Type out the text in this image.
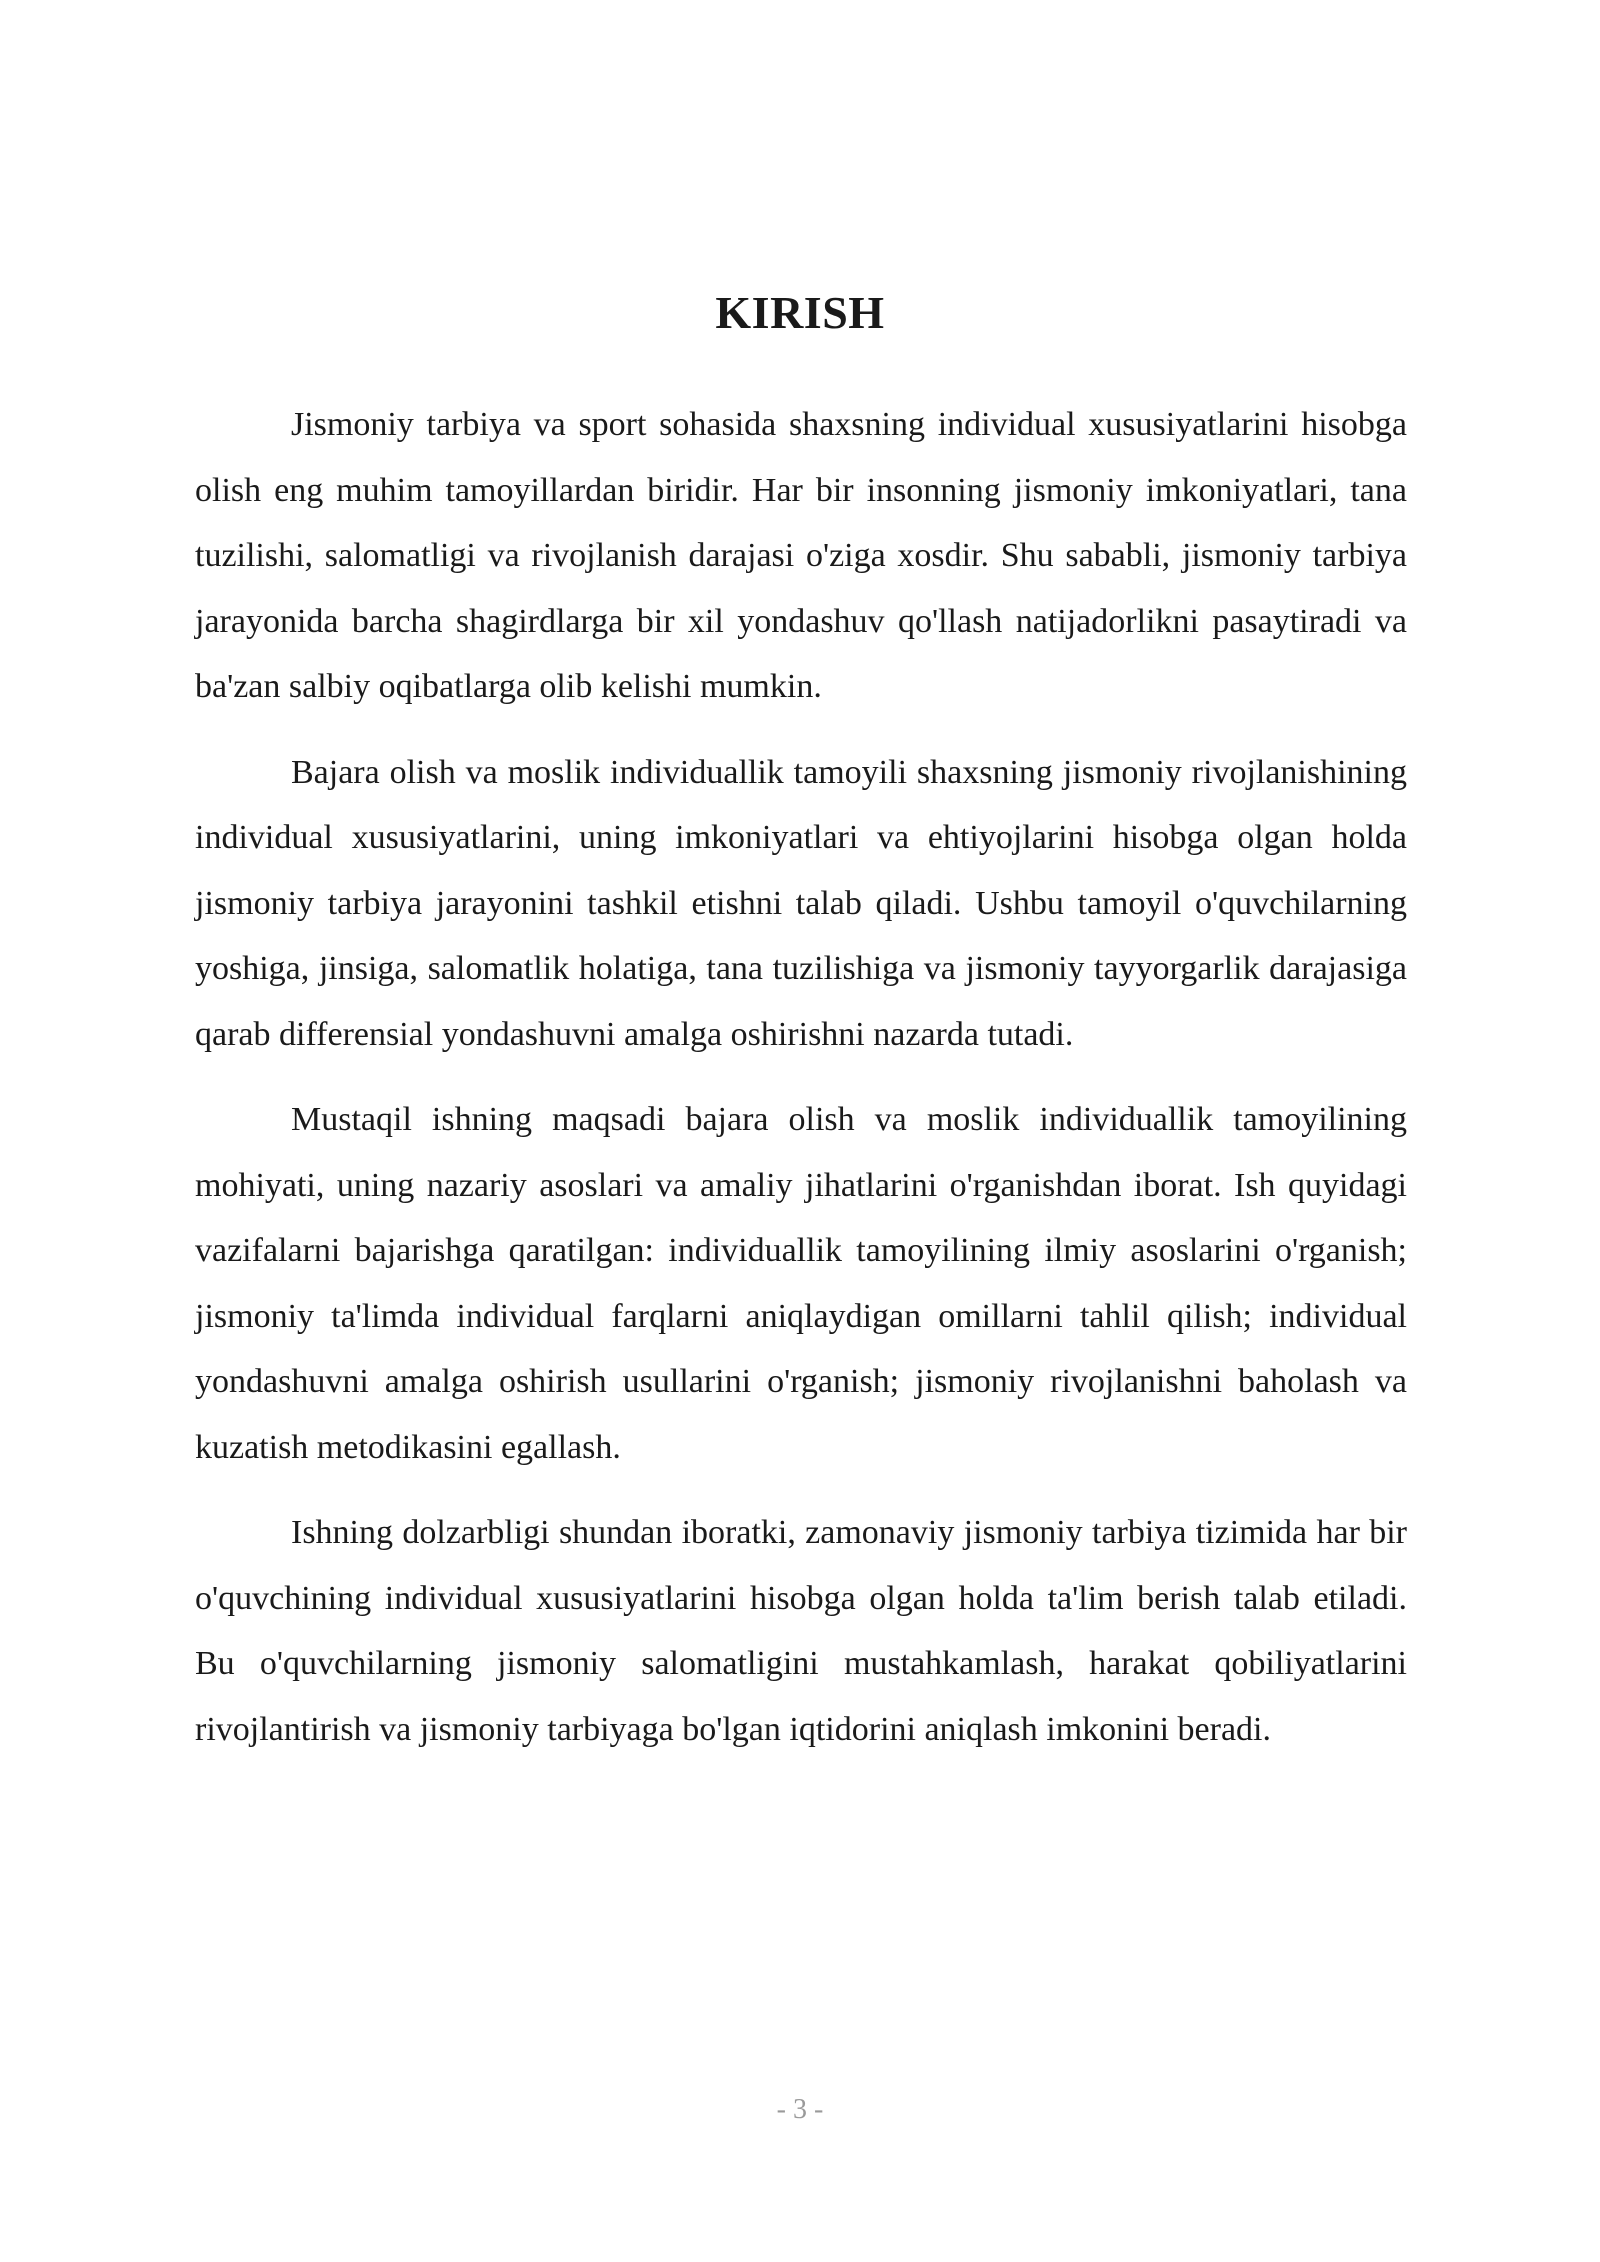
KIRISH

Jismoniy tarbiya va sport sohasida shaxsning individual xususiyatlarini hisobga olish eng muhim tamoyillardan biridir. Har bir insonning jismoniy imkoniyatlari, tana tuzilishi, salomatligi va rivojlanish darajasi o'ziga xosdir. Shu sababli, jismoniy tarbiya jarayonida barcha shagirdlarga bir xil yondashuv qo'llash natijadorlikni pasaytiradi va ba'zan salbiy oqibatlarga olib kelishi mumkin.

Bajara olish va moslik individuallik tamoyili shaxsning jismoniy rivojlanishining individual xususiyatlarini, uning imkoniyatlari va ehtiyojlarini hisobga olgan holda jismoniy tarbiya jarayonini tashkil etishni talab qiladi. Ushbu tamoyil o'quvchilarning yoshiga, jinsiga, salomatlik holatiga, tana tuzilishiga va jismoniy tayyorgarlik darajasiga qarab differensial yondashuvni amalga oshirishni nazarda tutadi.

Mustaqil ishning maqsadi bajara olish va moslik individuallik tamoyilining mohiyati, uning nazariy asoslari va amaliy jihatlarini o'rganishdan iborat. Ish quyidagi vazifalarni bajarishga qaratilgan: individuallik tamoyilining ilmiy asoslarini o'rganish; jismoniy ta'limda individual farqlarni aniqlaydigan omillarni tahlil qilish; individual yondashuvni amalga oshirish usullarini o'rganish; jismoniy rivojlanishni baholash va kuzatish metodikasini egallash.

Ishning dolzarbligi shundan iboratki, zamonaviy jismoniy tarbiya tizimida har bir o'quvchining individual xususiyatlarini hisobga olgan holda ta'lim berish talab etiladi. Bu o'quvchilarning jismoniy salomatligini mustahkamlash, harakat qobiliyatlarini rivojlantirish va jismoniy tarbiyaga bo'lgan iqtidorini aniqlash imkonini beradi.

- 3 -
